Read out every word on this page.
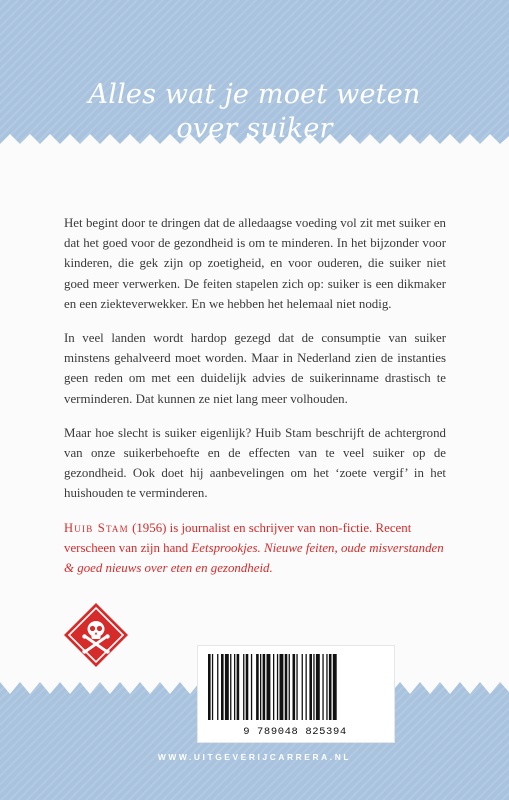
Alles wat je moet weten
over suiker

Het begint door te dringen dat de alledaagse voeding vol zit met suiker en dat het goed voor de gezondheid is om te minderen. In het bijzonder voor kinderen, die gek zijn op zoetigheid, en voor ouderen, die suiker niet goed meer verwerken. De feiten stapelen zich op: suiker is een dikmaker en een ziekteverwekker. En we hebben het helemaal niet nodig.

In veel landen wordt hardop gezegd dat de consumptie van suiker minstens gehalveerd moet worden. Maar in Nederland zien de instanties geen reden om met een duidelijk advies de suikerinname drastisch te verminderen. Dat kunnen ze niet lang meer volhouden.

Maar hoe slecht is suiker eigenlijk? Huib Stam beschrijft de achtergrond van onze suikerbehoefte en de effecten van te veel suiker op de gezondheid. Ook doet hij aanbevelingen om het ‘zoete vergif’ in het huishouden te verminderen.

Huib Stam (1956) is journalist en schrijver van non-fictie. Recent verscheen van zijn hand Eetsprookjes. Nieuwe feiten, oude misverstanden & goed nieuws over eten en gezondheid.
9 789048 825394
WWW.UITGEVERIJCARRERA.NL
